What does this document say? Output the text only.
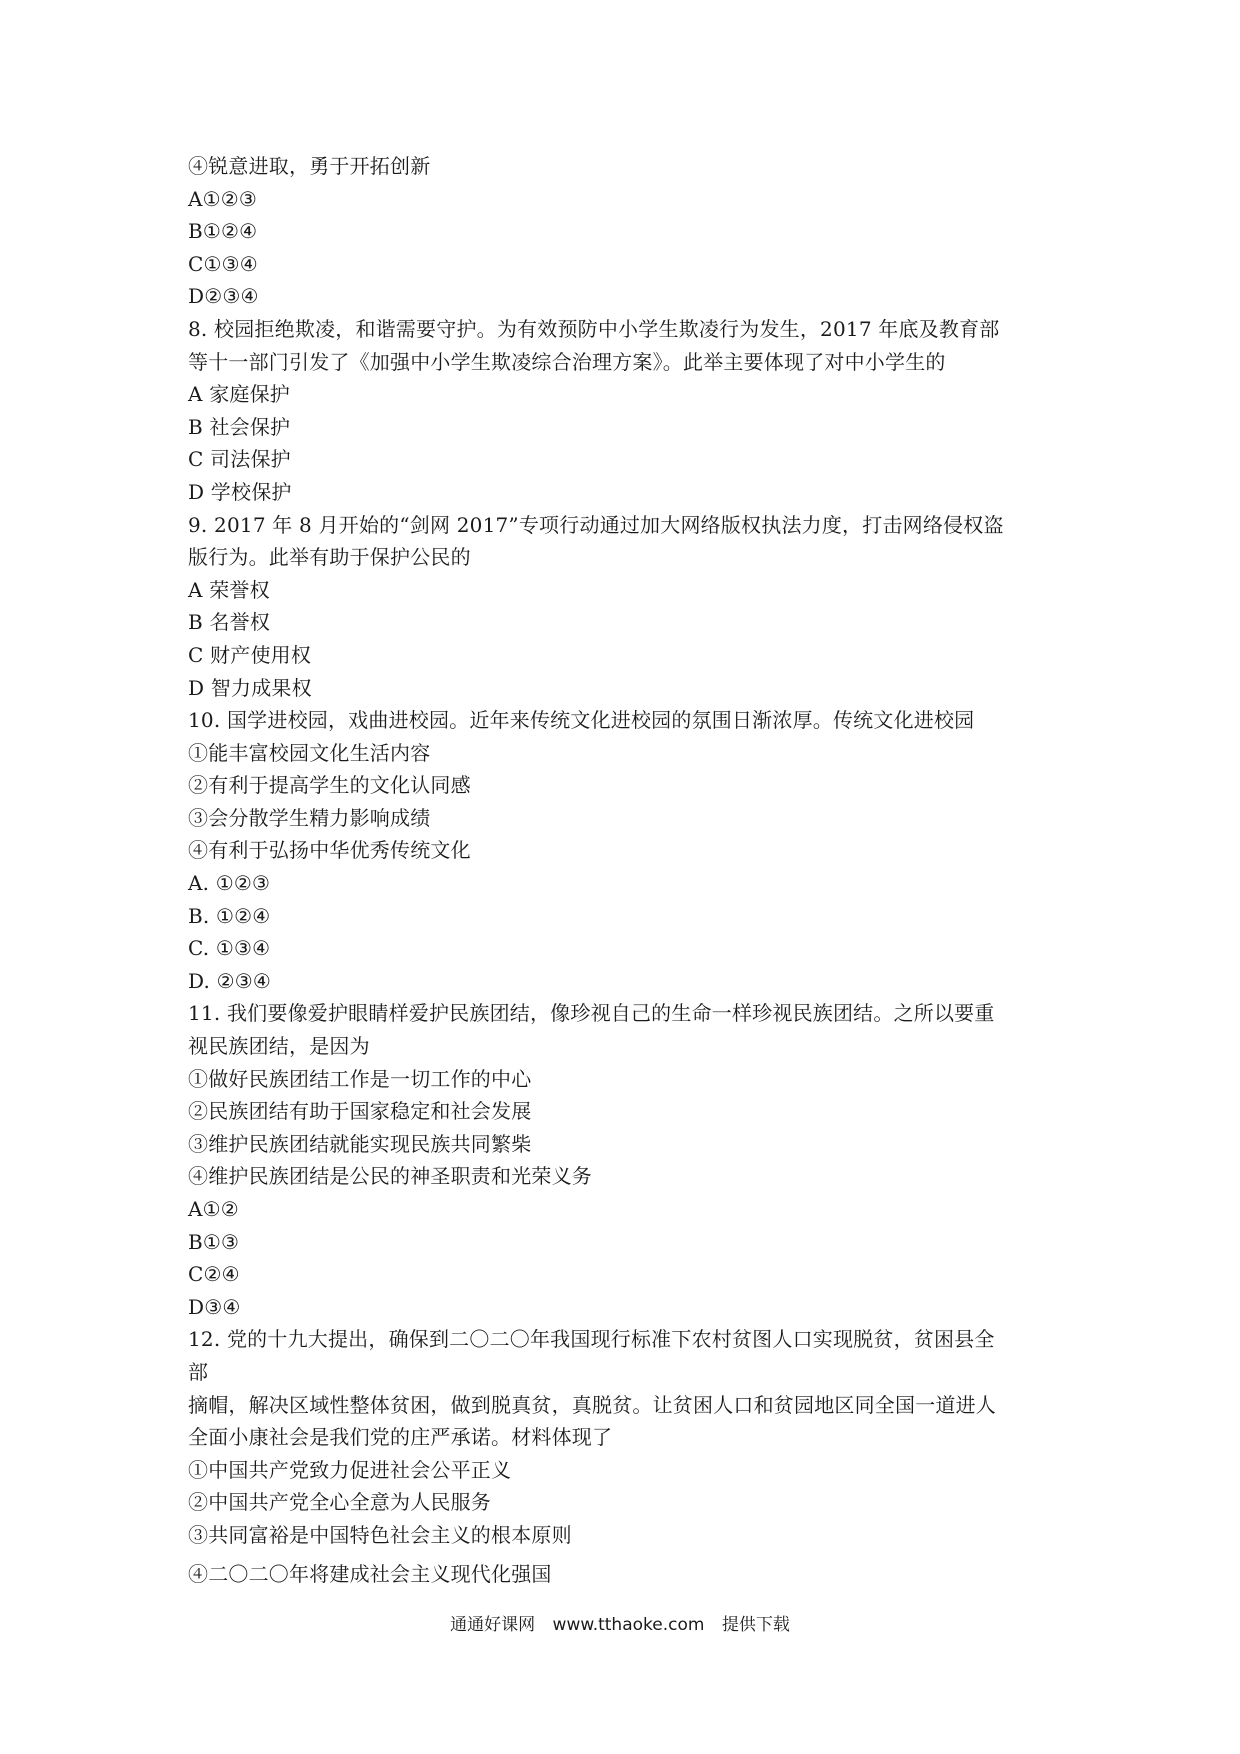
④锐意进取，勇于开拓创新
A①②③
B①②④
C①③④
D②③④
8. 校园拒绝欺凌，和谐需要守护。为有效预防中小学生欺凌行为发生，2017 年底及教育部
等十一部门引发了《加强中小学生欺凌综合治理方案》。此举主要体现了对中小学生的
A 家庭保护
B 社会保护
C 司法保护
D 学校保护
9. 2017 年 8 月开始的“剑网 2017”专项行动通过加大网络版权执法力度，打击网络侵权盗
版行为。此举有助于保护公民的
A 荣誉权
B 名誉权
C 财产使用权
D 智力成果权
10. 国学进校园，戏曲进校园。近年来传统文化进校园的氛围日渐浓厚。传统文化进校园
①能丰富校园文化生活内容
②有利于提高学生的文化认同感
③会分散学生精力影响成绩
④有利于弘扬中华优秀传统文化
A. ①②③
B. ①②④
C. ①③④
D. ②③④
11. 我们要像爱护眼睛样爱护民族团结，像珍视自己的生命一样珍视民族团结。之所以要重
视民族团结，是因为
①做好民族团结工作是一切工作的中心
②民族团结有助于国家稳定和社会发展
③维护民族团结就能实现民族共同繁柴
④维护民族团结是公民的神圣职责和光荣义务
A①②
B①③
C②④
D③④
12. 党的十九大提出，确保到二〇二〇年我国现行标准下农村贫图人口实现脱贫，贫困县全
部
摘帽，解决区域性整体贫困，做到脱真贫，真脱贫。让贫困人口和贫园地区同全国一道进人
全面小康社会是我们党的庄严承诺。材料体现了
①中国共产党致力促进社会公平正义
②中国共产党全心全意为人民服务
③共同富裕是中国特色社会主义的根本原则
④二〇二〇年将建成社会主义现代化强国
通通好课网 www.tthaoke.com 提供下载
